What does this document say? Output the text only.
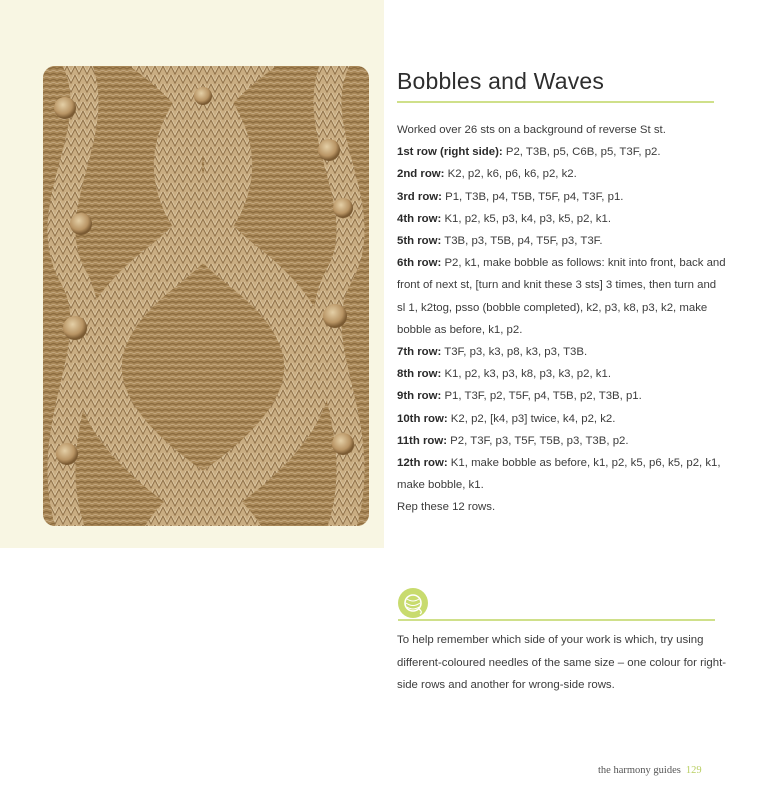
Bobbles and Waves

Worked over 26 sts on a background of reverse St st.

1st row (right side): P2, T3B, p5, C6B, p5, T3F, p2.

2nd row: K2, p2, k6, p6, k6, p2, k2.

3rd row: P1, T3B, p4, T5B, T5F, p4, T3F, p1.

4th row: K1, p2, k5, p3, k4, p3, k5, p2, k1.

5th row: T3B, p3, T5B, p4, T5F, p3, T3F.

6th row: P2, k1, make bobble as follows: knit into front, back and front of next st, [turn and knit these 3 sts] 3 times, then turn and sl 1, k2tog, psso (bobble completed), k2, p3, k8, p3, k2, make bobble as before, k1, p2.

7th row: T3F, p3, k3, p8, k3, p3, T3B.

8th row: K1, p2, k3, p3, k8, p3, k3, p2, k1.

9th row: P1, T3F, p2, T5F, p4, T5B, p2, T3B, p1.

10th row: K2, p2, [k4, p3] twice, k4, p2, k2.

11th row: P2, T3F, p3, T5F, T5B, p3, T3B, p2.

12th row: K1, make bobble as before, k1, p2, k5, p6, k5, p2, k1, make bobble, k1.

Rep these 12 rows.

To help remember which side of your work is which, try using different-coloured needles of the same size – one colour for right-side rows and another for wrong-side rows.

the harmony guides 129
